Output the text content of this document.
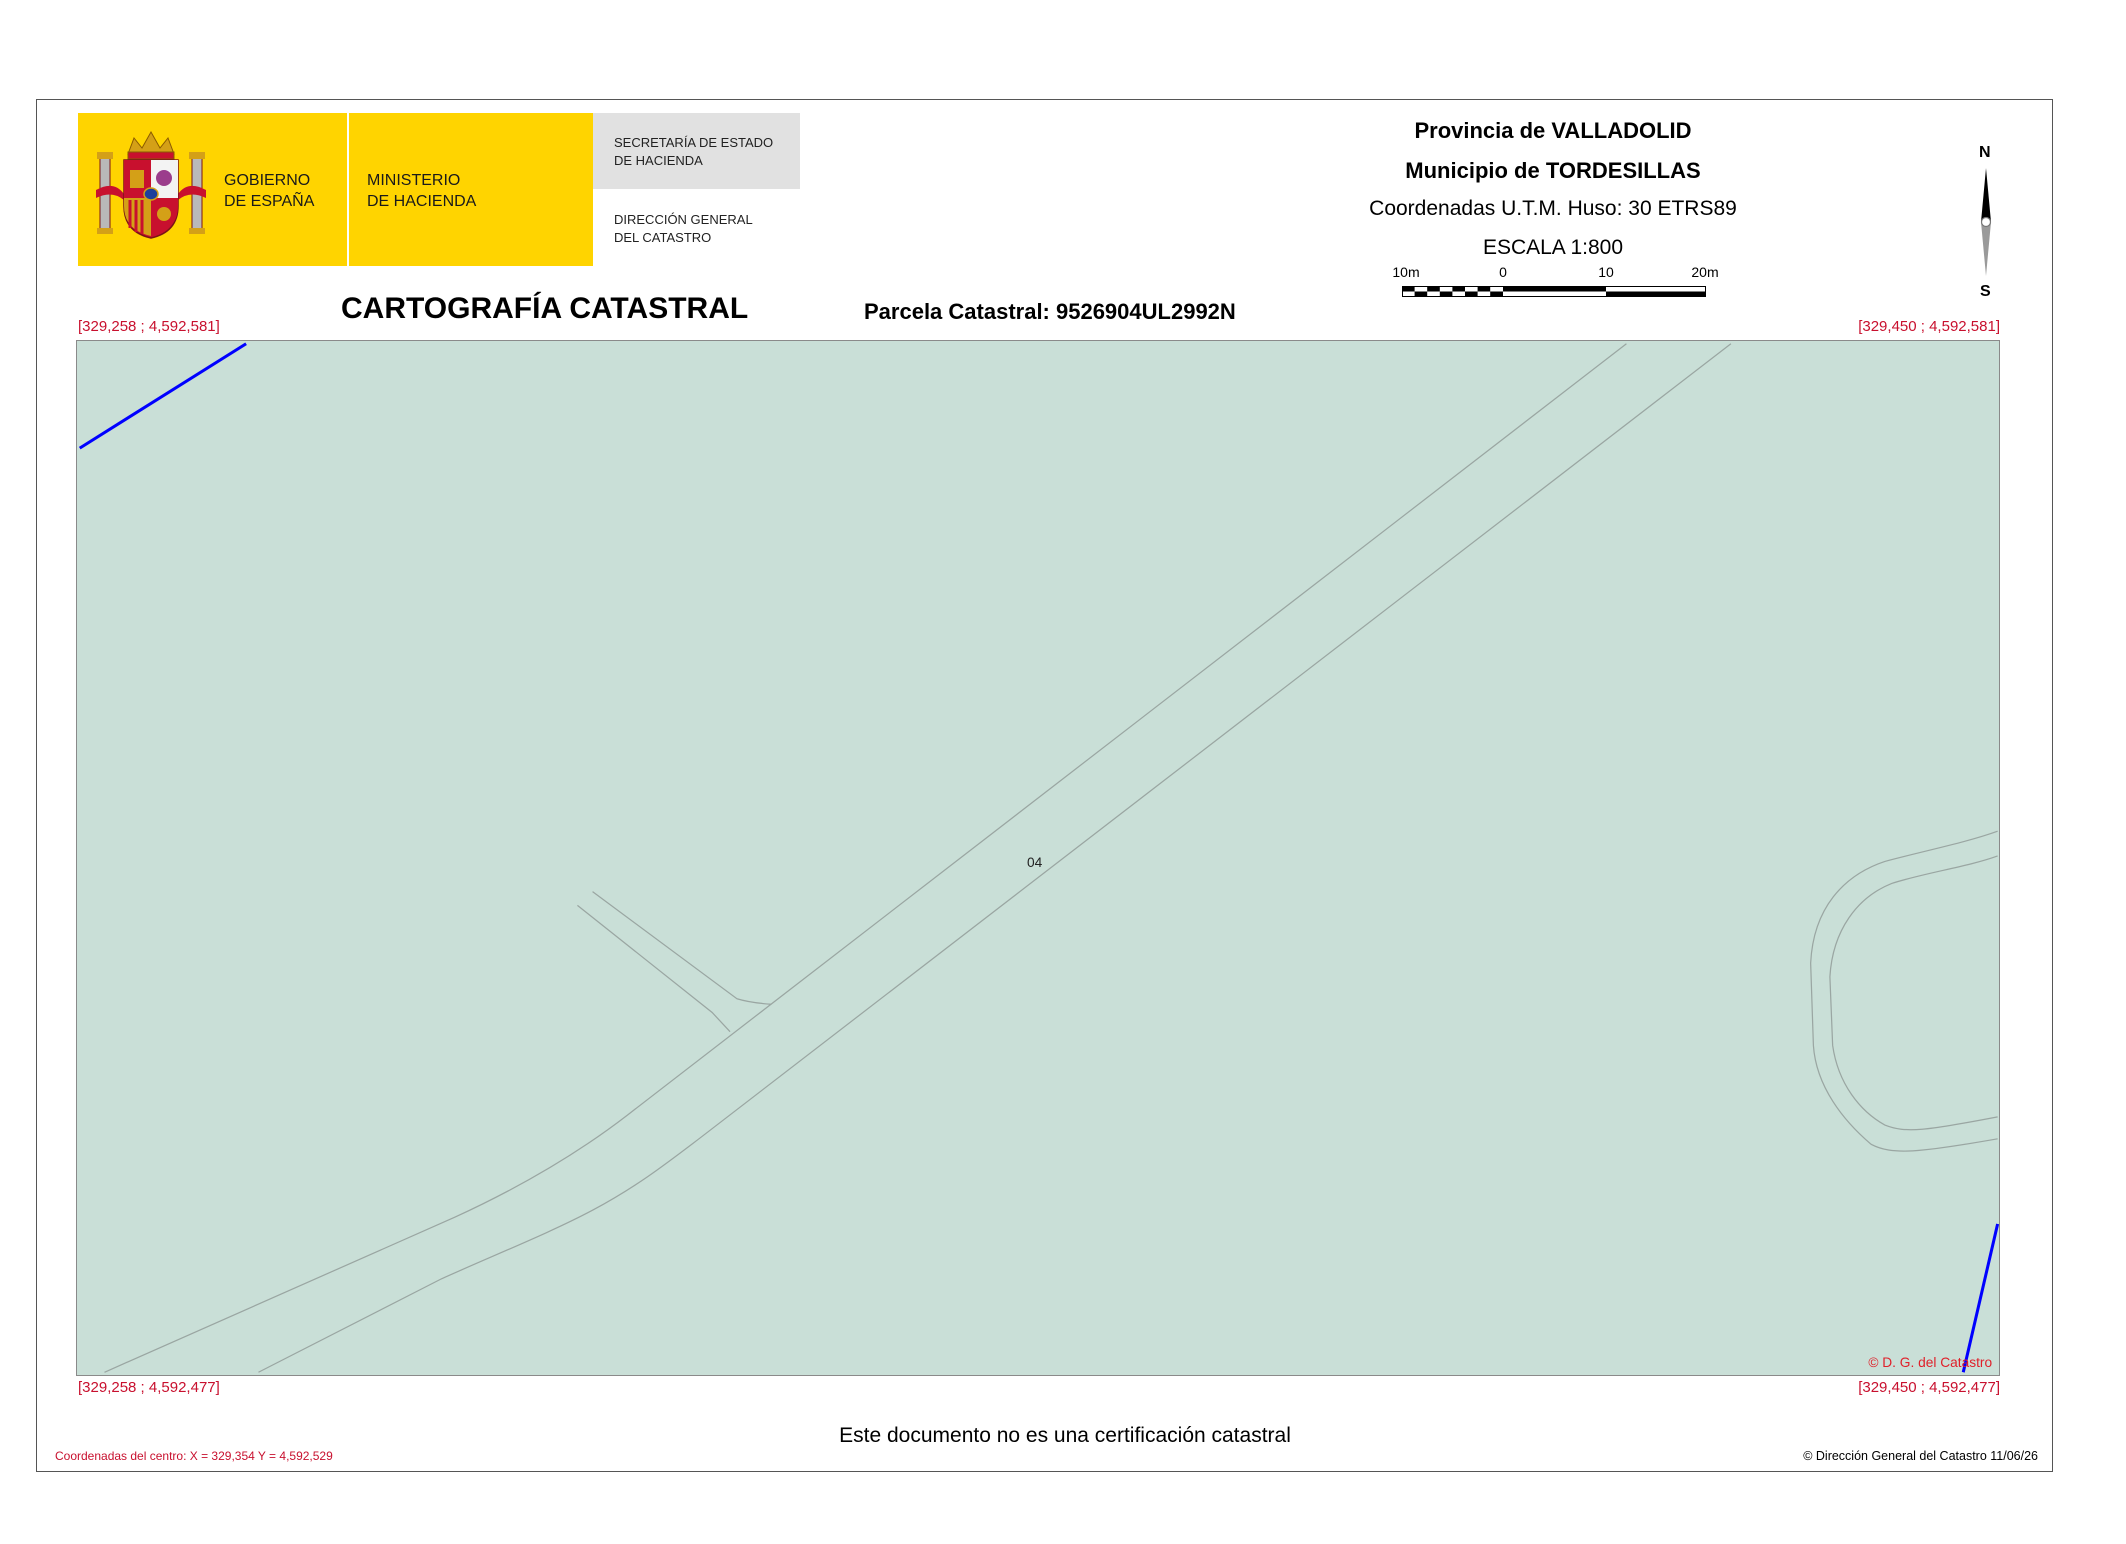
GOBIERNO
DE ESPAÑA
MINISTERIO
DE HACIENDA
SECRETARÍA DE ESTADO
DE HACIENDA
DIRECCIÓN GENERAL
DEL CATASTRO
Provincia de VALLADOLID
Municipio de TORDESILLAS
Coordenadas U.T.M. Huso: 30 ETRS89
ESCALA 1:800
10m	0	10	20m
N
S
CARTOGRAFÍA CATASTRAL	Parcela Catastral: 9526904UL2992N
[329,258 ; 4,592,581]	[329,450 ; 4,592,581]
[329,258 ; 4,592,477]	[329,450 ; 4,592,477]
04
© D. G. del Catastro
Este documento no es una certificación catastral
Coordenadas del centro: X = 329,354 Y = 4,592,529	© Dirección General del Catastro 11/06/26
